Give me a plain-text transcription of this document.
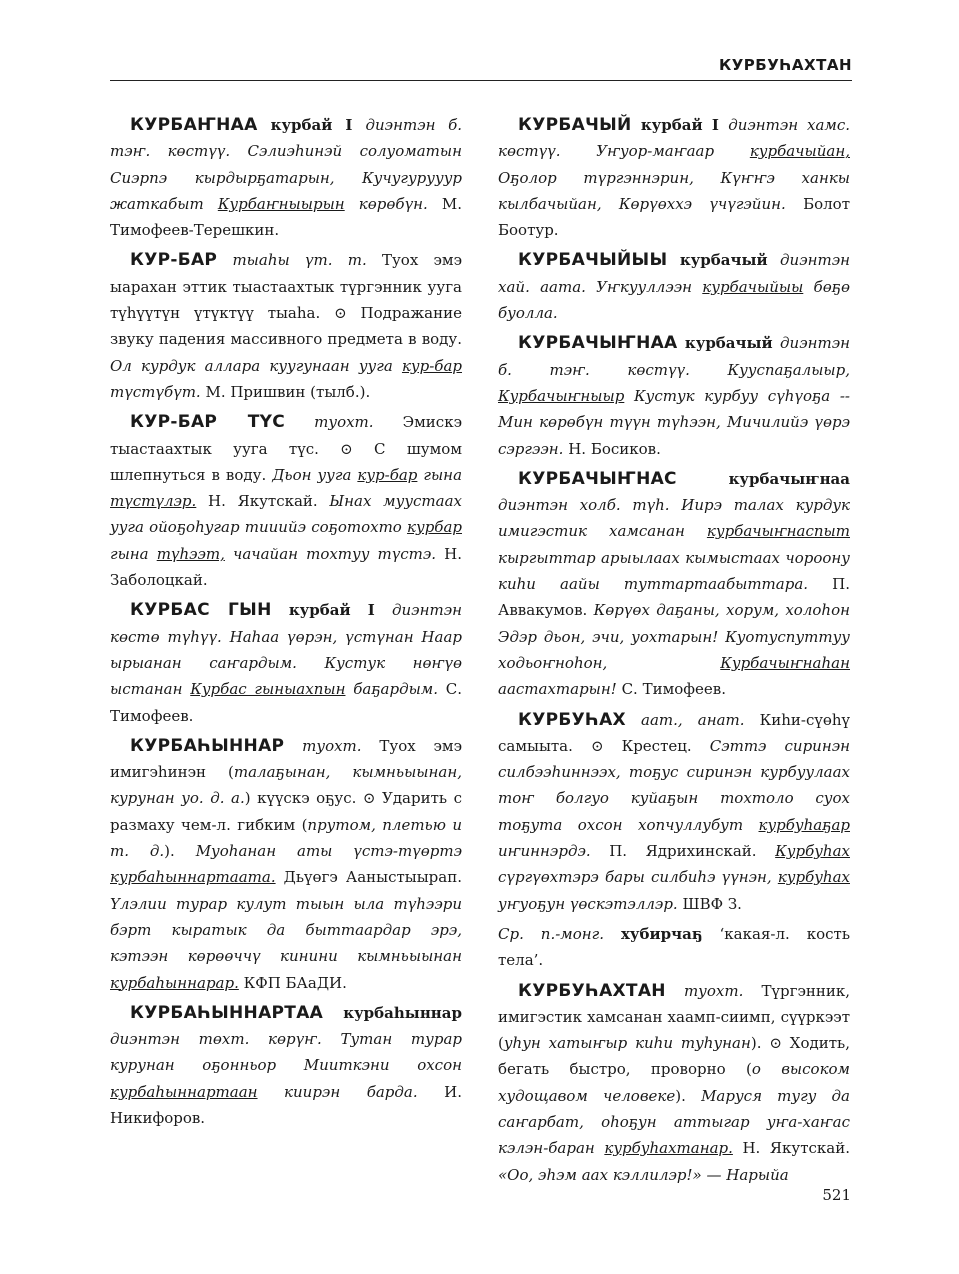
КУРБУҺАХТАН

КУРБАҤНАА курбай I диэнтэн б. тэҥ. көстүү. Сэлиэһинэй солуоматын Сиэрпэ кырдырҕатарын, Кучугурууур жаткабыт Курбаҥныырын көрөбүн. М. Тимофеев-Терешкин.

КУР-БАР тыаһы үт. т. Туох эмэ ыарахан эттик тыастаахтык түргэнник ууга түһүүтүн үтүктүү тыаһа. ⊙ Подражание звуку падения массивного предмета в воду. Ол курдук аллара куугунаан ууга кур-бар түстүбүт. М. Пришвин (тылб.).

КУР-БАР ТҮС туохт. Эмискэ тыастаахтык ууга түс. ⊙ С шумом шлепнуться в воду. Дьон ууга кур-бар гына түстүлэр. Н. Якутскай. Ынах муустаах ууга ойоҕоһугар тииийэ соҕотохто курбар гына түһээт, чачайан тохтуу түстэ. Н. Заболоцкай.

КУРБАС ГЫН курбай I диэнтэн көстө түһүү. Наһаа үөрэн, үстүнан Наар ырыанан саҥардым. Кустук нөҥүө ыстанан Курбас гыныахпын баҕардым. С. Тимофеев.

КУРБАҺЫННАР туохт. Туох эмэ имигэһинэн (талаҕынан, кымньыынан, курунан уо. д. а.) күүскэ оҕус. ⊙ Ударить с размаху чем-л. гибким (прутом, плетью и т. д.). Муоһанан аты үстэ-түөртэ курбаһыннартаата. Дьүөгэ Ааныстыырап. Үлэлии турар кулут тыын ыла түһээри бэрт кыратык да быттаардар эрэ, кэтээн көрөөччү кинини кымньыынан курбаһыннарар. КФП БАаДИ.

КУРБАҺЫННАРТАА курбаһыннар диэнтэн төхт. көрүҥ. Тутан турар курунан оҕонньор Мииткэни охсон курбаһыннартаан киирэн барда. И. Никифоров.

КУРБАЧЫЙ курбай I диэнтэн хамс. көстүү. Уҥуор-маҥаар курбачыйан, Оҕолор түргэннэрин, Күҥҥэ ханкы кылбачыйан, Көрүөххэ үчүгэйин. Болот Боотур.

КУРБАЧЫЙЫЫ курбачый диэнтэн хай. аата. Уҥкууллээн курбачыйыы бөҕө буолла.

КУРБАЧЫҤНАА курбачый диэнтэн б. тэҥ. көстүү. Кууспаҕалыыр, Курбачыҥныыр Кустук курбуу сүһүоҕа -- Мин көрөбүн түүн түһээн, Мичилийэ үөрэ сэргээн. Н. Босиков.

КУРБАЧЫҤНАС курбачыҥнаа диэнтэн холб. түһ. Иирэ талах курдук имигэстик хамсанан курбачыҥнаспыт кыргыттар арыылаах кымыстаах чороону киһи аайы туттартаабыттара. П. Аввакумов. Көрүөх даҕаны, хорум, холоһон Эдэр дьон, эчи, уохтарын! Куотуспуттуу ходьоҥноһон, Курбачыҥнаһан аастахтарын! С. Тимофеев.

КУРБУҺАХ аат., анат. Киһи-сүөһү самыыта. ⊙ Крестец. Сэттэ сиринэн силбээһиннээх, тоҕус сиринэн курбуулаах тоҥ болгуо куйаҕын тохтоло суох тоҕута охсон хопчуллубут курбуһаҕар иҥиннэрдэ. П. Ядрихинскай. Курбуһах сүргүөхтэрэ бары силбиһэ үүнэн, курбуһах уҥуоҕун үөскэтэллэр. ШВФ З.

Ср. п.-монг. хубирчаҕ ‘какая-л. кость тела’.

КУРБУҺАХТАН туохт. Түргэнник, имигэстик хамсанан хаамп-сиимп, сүүркээт (уһун хатыҥыр киһи туһунан). ⊙ Ходить, бегать быстро, проворно (о высоком худощавом человеке). Маруся тугу да саҥарбат, оһоҕун аттыгар уҥа-хаҥас кэлэн-баран курбуһахтанар. Н. Якутскай. «Оо, эһэм аах кэллилэр!» — Нарыйа

521
